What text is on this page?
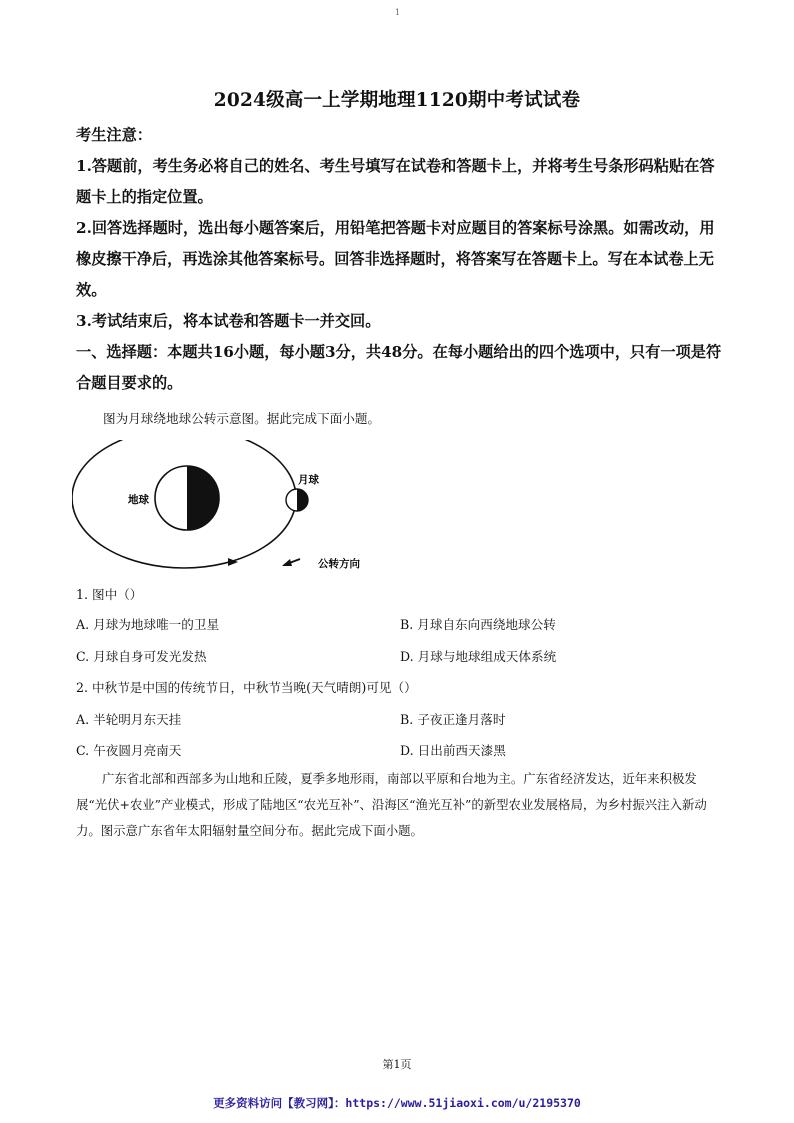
1
2024级高一上学期地理1120期中考试试卷

考生注意：

1.答题前，考生务必将自己的姓名、考生号填写在试卷和答题卡上，并将考生号条形码粘贴在答题卡上的指定位置。

2.回答选择题时，选出每小题答案后，用铅笔把答题卡对应题目的答案标号涂黑。如需改动，用橡皮擦干净后，再选涂其他答案标号。回答非选择题时，将答案写在答题卡上。写在本试卷上无效。

3.考试结束后，将本试卷和答题卡一并交回。

一、选择题：本题共16小题，每小题3分，共48分。在每小题给出的四个选项中，只有一项是符合题目要求的。

图为月球绕地球公转示意图。据此完成下面小题。
地球
月球
公转方向
1. 图中（）
A. 月球为地球唯一的卫星	B. 月球自东向西绕地球公转
C. 月球自身可发光发热	D. 月球与地球组成天体系统
2. 中秋节是中国的传统节日，中秋节当晚(天气晴朗)可见（）
A. 半轮明月东天挂	B. 子夜正逢月落时
C. 午夜圆月亮南天	D. 日出前西天漆黑
广东省北部和西部多为山地和丘陵，夏季多地形雨，南部以平原和台地为主。广东省经济发达，近年来积极发展“光伏+农业”产业模式，形成了陆地区“农光互补”、沿海区“渔光互补”的新型农业发展格局，为乡村振兴注入新动力。图示意广东省年太阳辐射量空间分布。据此完成下面小题。
第1页
更多资料访问【教习网】：https://www.51jiaoxi.com/u/2195370
